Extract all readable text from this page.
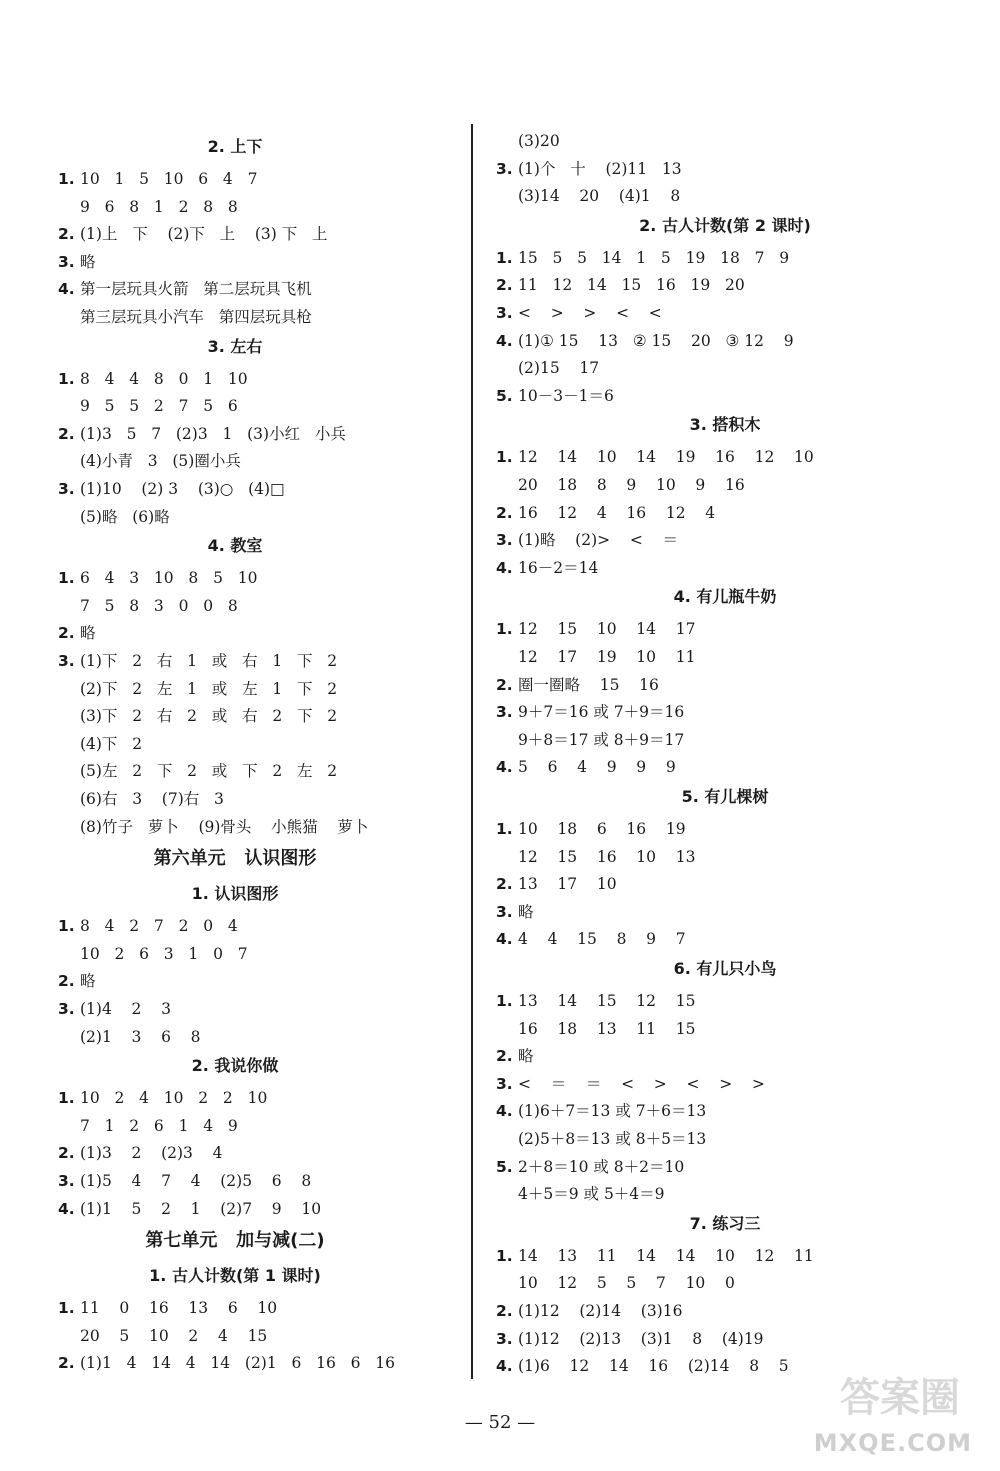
2. 上下
1. 10   1   5   10   6   4   7
9   6   8   1   2   8   8
2. (1)上   下    (2)下   上    (3) 下   上
3. 略
4. 第一层玩具火箭   第二层玩具飞机
第三层玩具小汽车   第四层玩具枪
3. 左右
1. 8   4   4   8   0   1   10
9   5   5   2   7   5   6
2. (1)3   5   7   (2)3   1   (3)小红   小兵
(4)小青   3   (5)圈小兵
3. (1)10    (2) 3    (3)○   (4)□
(5)略   (6)略
4. 教室
1. 6   4   3   10   8   5   10
7   5   8   3   0   0   8
2. 略
3. (1)下   2   右   1   或   右   1   下   2
(2)下   2   左   1   或   左   1   下   2
(3)下   2   右   2   或   右   2   下   2
(4)下   2
(5)左   2   下   2   或   下   2   左   2
(6)右   3    (7)右   3
(8)竹子   萝卜    (9)骨头    小熊猫    萝卜
第六单元   认识图形
1. 认识图形
1. 8   4   2   7   2   0   4
10   2   6   3   1   0   7
2. 略
3. (1)4    2    3
(2)1    3    6    8
2. 我说你做
1. 10   2   4   10   2   2   10
7   1   2   6   1   4   9
2. (1)3    2    (2)3    4
3. (1)5    4    7    4    (2)5    6    8
4. (1)1    5    2    1    (2)7    9    10
第七单元   加与减(二)
1. 古人计数(第 1 课时)
1. 11    0    16    13    6    10
20    5    10    2    4    15
2. (1)1   4   14   4   14   (2)1   6   16   6   16
(3)20
3. (1)个   十    (2)11   13
(3)14    20    (4)1    8
2. 古人计数(第 2 课时)
1. 15   5   5   14   1   5   19   18   7   9
2. 11   12   14   15   16   19   20
3. <    >    >    <    <
4. (1)① 15    13   ② 15    20   ③ 12    9
(2)15    17
5. 10－3－1＝6
3. 搭积木
1. 12    14    10    14    19    16    12    10
20    18    8    9    10    9    16
2. 16    12    4    16    12    4
3. (1)略    (2)>    <    ＝
4. 16－2＝14
4. 有儿瓶牛奶
1. 12    15    10    14    17
12    17    19    10    11
2. 圈一圈略    15    16
3. 9＋7＝16 或 7＋9＝16
9＋8＝17 或 8＋9＝17
4. 5    6    4    9    9    9
5. 有儿棵树
1. 10    18    6    16    19
12    15    16    10    13
2. 13    17    10
3. 略
4. 4    4    15    8    9    7
6. 有儿只小鸟
1. 13    14    15    12    15
16    18    13    11    15
2. 略
3. <    ＝    ＝    <    >    <    >    >
4. (1)6＋7＝13 或 7＋6＝13
(2)5＋8＝13 或 8＋5＝13
5. 2＋8＝10 或 8＋2＝10
4＋5＝9 或 5＋4＝9
7. 练习三
1. 14    13    11    14    14    10    12    11
10    12    5    5    7    10    0
2. (1)12    (2)14    (3)16
3. (1)12    (2)13    (3)1    8    (4)19
4. (1)6    12    14    16    (2)14    8    5
— 52 —
答案圈
MXQE.COM
